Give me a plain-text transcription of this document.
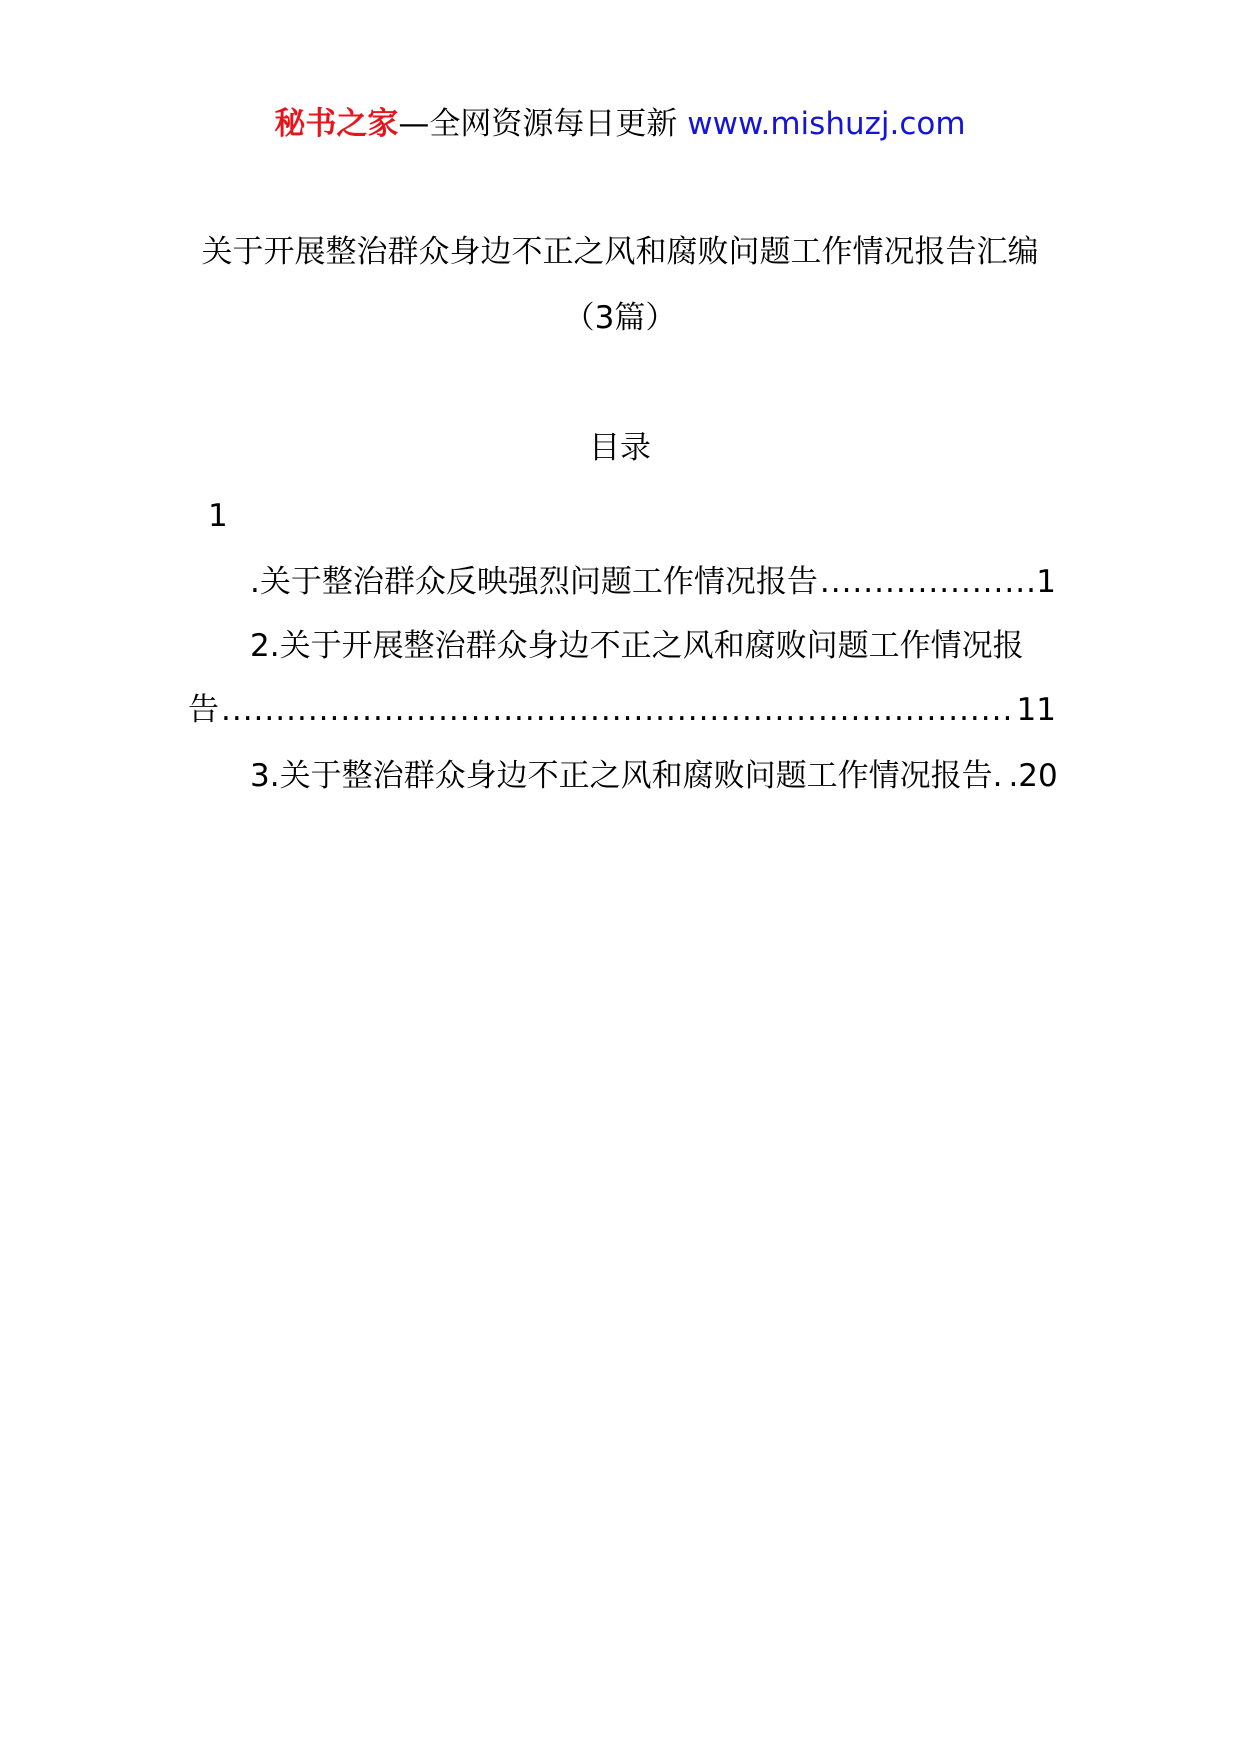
秘书之家—全网资源每日更新 www.mishuzj.com
关于开展整治群众身边不正之风和腐败问题工作情况报告汇编
（3篇）
目录
1
.关于整治群众反映强烈问题工作情况报告 .....	1
2.关于开展整治群众身边不正之风和腐败问题工作情况报
告 .....	11
3.关于整治群众身边不正之风和腐败问题工作情况报告. . 20
